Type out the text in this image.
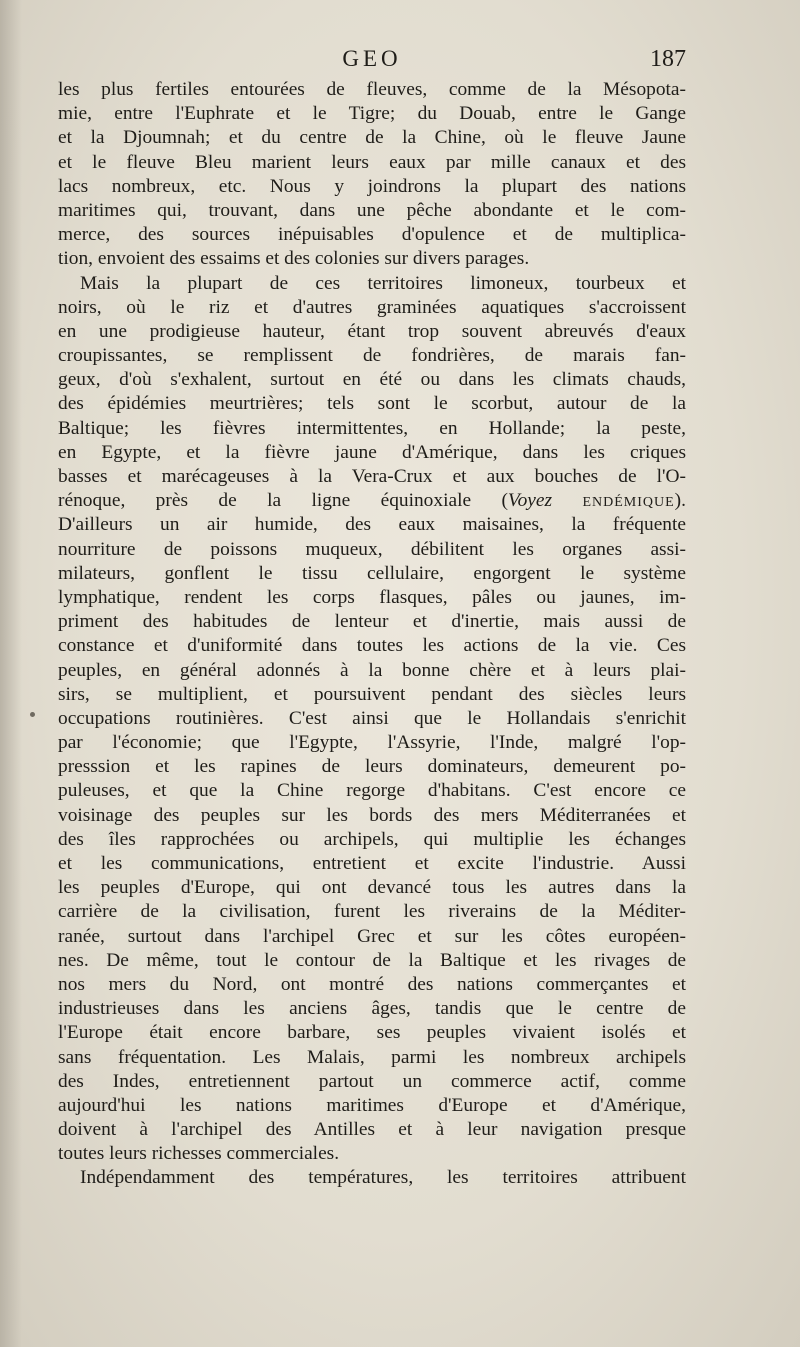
GEO	187
les plus fertiles entourées de fleuves, comme de la Mésopota-
mie, entre l'Euphrate et le Tigre; du Douab, entre le Gange
et la Djoumnah; et du centre de la Chine, où le fleuve Jaune
et le fleuve Bleu marient leurs eaux par mille canaux et des
lacs nombreux, etc. Nous y joindrons la plupart des nations
maritimes qui, trouvant, dans une pêche abondante et le com-
merce, des sources inépuisables d'opulence et de multiplica-
tion, envoient des essaims et des colonies sur divers parages.
Mais la plupart de ces territoires limoneux, tourbeux et
noirs, où le riz et d'autres graminées aquatiques s'accroissent
en une prodigieuse hauteur, étant trop souvent abreuvés d'eaux
croupissantes, se remplissent de fondrières, de marais fan-
geux, d'où s'exhalent, surtout en été ou dans les climats chauds,
des épidémies meurtrières; tels sont le scorbut, autour de la
Baltique; les fièvres intermittentes, en Hollande; la peste,
en Egypte, et la fièvre jaune d'Amérique, dans les criques
basses et marécageuses à la Vera-Crux et aux bouches de l'O-
rénoque, près de la ligne équinoxiale (Voyez endémique).
D'ailleurs un air humide, des eaux maisaines, la fréquente
nourriture de poissons muqueux, débilitent les organes assi-
milateurs, gonflent le tissu cellulaire, engorgent le système
lymphatique, rendent les corps flasques, pâles ou jaunes, im-
priment des habitudes de lenteur et d'inertie, mais aussi de
constance et d'uniformité dans toutes les actions de la vie. Ces
peuples, en général adonnés à la bonne chère et à leurs plai-
sirs, se multiplient, et poursuivent pendant des siècles leurs
occupations routinières. C'est ainsi que le Hollandais s'enrichit
par l'économie; que l'Egypte, l'Assyrie, l'Inde, malgré l'op-
presssion et les rapines de leurs dominateurs, demeurent po-
puleuses, et que la Chine regorge d'habitans. C'est encore ce
voisinage des peuples sur les bords des mers Méditerranées et
des îles rapprochées ou archipels, qui multiplie les échanges
et les communications, entretient et excite l'industrie. Aussi
les peuples d'Europe, qui ont devancé tous les autres dans la
carrière de la civilisation, furent les riverains de la Méditer-
ranée, surtout dans l'archipel Grec et sur les côtes européen-
nes. De même, tout le contour de la Baltique et les rivages de
nos mers du Nord, ont montré des nations commerçantes et
industrieuses dans les anciens âges, tandis que le centre de
l'Europe était encore barbare, ses peuples vivaient isolés et
sans fréquentation. Les Malais, parmi les nombreux archipels
des Indes, entretiennent partout un commerce actif, comme
aujourd'hui les nations maritimes d'Europe et d'Amérique,
doivent à l'archipel des Antilles et à leur navigation presque
toutes leurs richesses commerciales.
Indépendamment des températures, les territoires attribuent
